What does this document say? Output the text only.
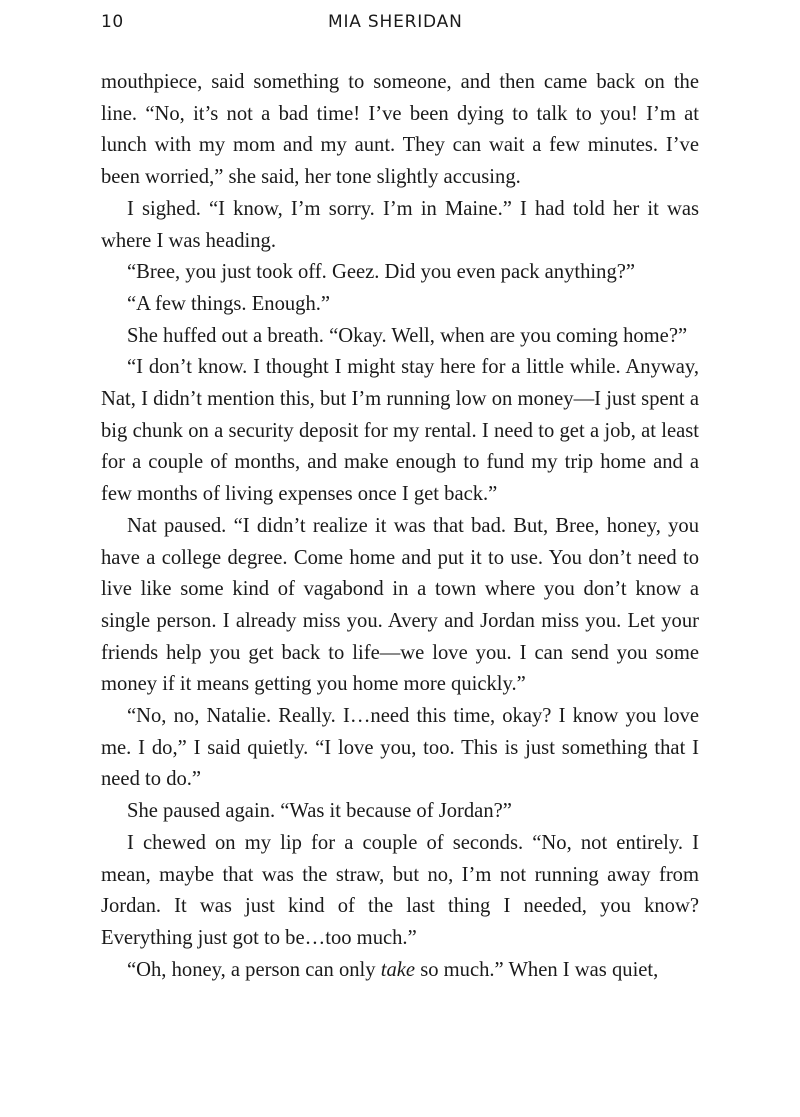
10	MIA SHERIDAN

mouthpiece, said something to someone, and then came back on the line. “No, it’s not a bad time! I’ve been dying to talk to you! I’m at lunch with my mom and my aunt. They can wait a few minutes. I’ve been worried,” she said, her tone slightly accusing.

I sighed. “I know, I’m sorry. I’m in Maine.” I had told her it was where I was heading.

“Bree, you just took off. Geez. Did you even pack anything?”

“A few things. Enough.”

She huffed out a breath. “Okay. Well, when are you coming home?”

“I don’t know. I thought I might stay here for a little while. Anyway, Nat, I didn’t mention this, but I’m running low on money—I just spent a big chunk on a security deposit for my rental. I need to get a job, at least for a couple of months, and make enough to fund my trip home and a few months of living expenses once I get back.”

Nat paused. “I didn’t realize it was that bad. But, Bree, honey, you have a college degree. Come home and put it to use. You don’t need to live like some kind of vagabond in a town where you don’t know a single person. I already miss you. Avery and Jordan miss you. Let your friends help you get back to life—we love you. I can send you some money if it means getting you home more quickly.”

“No, no, Natalie. Really. I…need this time, okay? I know you love me. I do,” I said quietly. “I love you, too. This is just something that I need to do.”

She paused again. “Was it because of Jordan?”

I chewed on my lip for a couple of seconds. “No, not entirely. I mean, maybe that was the straw, but no, I’m not running away from Jordan. It was just kind of the last thing I needed, you know? Everything just got to be…too much.”

“Oh, honey, a person can only take so much.” When I was quiet,
